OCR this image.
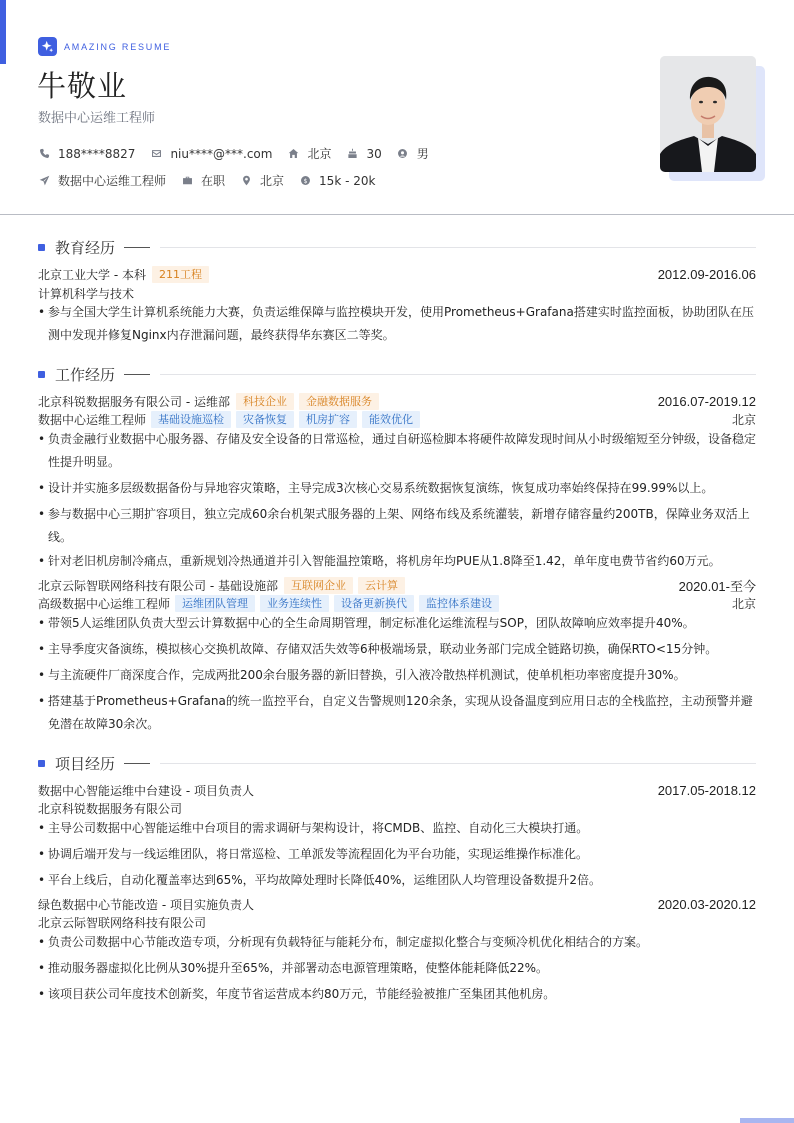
AMAZING RESUME
牛敬业
数据中心运维工程师
188****8827	niu****@***.com	北京	30	男
数据中心运维工程师	在职	北京 $ 15k - 20k
教育经历
北京工业大学 - 本科	211工程	2012.09-2016.06
计算机科学与技术
• 参与全国大学生计算机系统能力大赛，负责运维保障与监控模块开发，使用Prometheus+Grafana搭建实时监控面板，协助团队在压测中发现并修复Nginx内存泄漏问题，最终获得华东赛区二等奖。
工作经历
北京科锐数据服务有限公司 - 运维部	科技企业	金融数据服务	2016.07-2019.12
数据中心运维工程师	基础设施巡检	灾备恢复	机房扩容	能效优化	北京
• 负责金融行业数据中心服务器、存储及安全设备的日常巡检，通过自研巡检脚本将硬件故障发现时间从小时级缩短至分钟级，设备稳定性提升明显。
• 设计并实施多层级数据备份与异地容灾策略，主导完成3次核心交易系统数据恢复演练，恢复成功率始终保持在99.99%以上。
• 参与数据中心三期扩容项目，独立完成60余台机架式服务器的上架、网络布线及系统灌装，新增存储容量约200TB，保障业务双活上线。
• 针对老旧机房制冷痛点，重新规划冷热通道并引入智能温控策略，将机房年均PUE从1.8降至1.42，单年度电费节省约60万元。
北京云际智联网络科技有限公司 - 基础设施部	互联网企业	云计算	2020.01-至今
高级数据中心运维工程师	运维团队管理	业务连续性	设备更新换代	监控体系建设	北京
• 带领5人运维团队负责大型云计算数据中心的全生命周期管理，制定标准化运维流程与SOP，团队故障响应效率提升40%。
• 主导季度灾备演练，模拟核心交换机故障、存储双活失效等6种极端场景，联动业务部门完成全链路切换，确保RTO<15分钟。
• 与主流硬件厂商深度合作，完成两批200余台服务器的新旧替换，引入液冷散热样机测试，使单机柜功率密度提升30%。
• 搭建基于Prometheus+Grafana的统一监控平台，自定义告警规则120余条，实现从设备温度到应用日志的全栈监控，主动预警并避免潜在故障30余次。
项目经历
数据中心智能运维中台建设 - 项目负责人	2017.05-2018.12
北京科锐数据服务有限公司
• 主导公司数据中心智能运维中台项目的需求调研与架构设计，将CMDB、监控、自动化三大模块打通。
• 协调后端开发与一线运维团队，将日常巡检、工单派发等流程固化为平台功能，实现运维操作标准化。
• 平台上线后，自动化覆盖率达到65%，平均故障处理时长降低40%，运维团队人均管理设备数提升2倍。
绿色数据中心节能改造 - 项目实施负责人	2020.03-2020.12
北京云际智联网络科技有限公司
• 负责公司数据中心节能改造专项，分析现有负载特征与能耗分布，制定虚拟化整合与变频冷机优化相结合的方案。
• 推动服务器虚拟化比例从30%提升至65%，并部署动态电源管理策略，使整体能耗降低22%。
• 该项目获公司年度技术创新奖，年度节省运营成本约80万元，节能经验被推广至集团其他机房。
